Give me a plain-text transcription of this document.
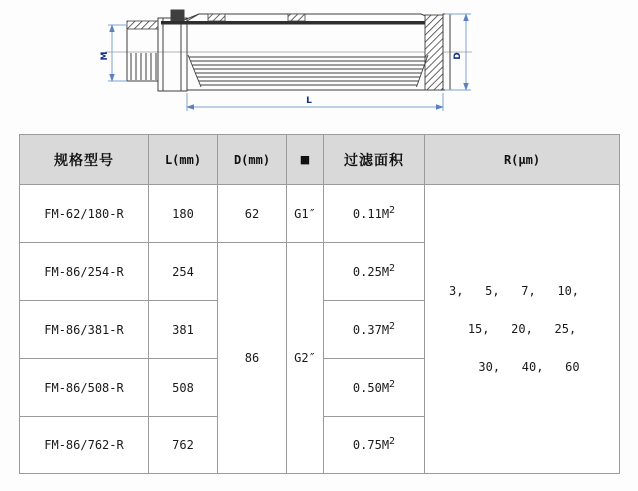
M	D
L
规格型号	L(mm)	D(mm)	■	过滤面积	R(μm)
FM-62/180-R	180	62	G1″	$0.11M^2$	3,   5,   7,   10,
15,   20,   25,
30,   40,   60

FM-86/254-R	254	86	G2″	$0.25M^2$
FM-86/381-R	381			$0.37M^2$
FM-86/508-R	508			$0.50M^2$
FM-86/762-R	762			$0.75M^2$
